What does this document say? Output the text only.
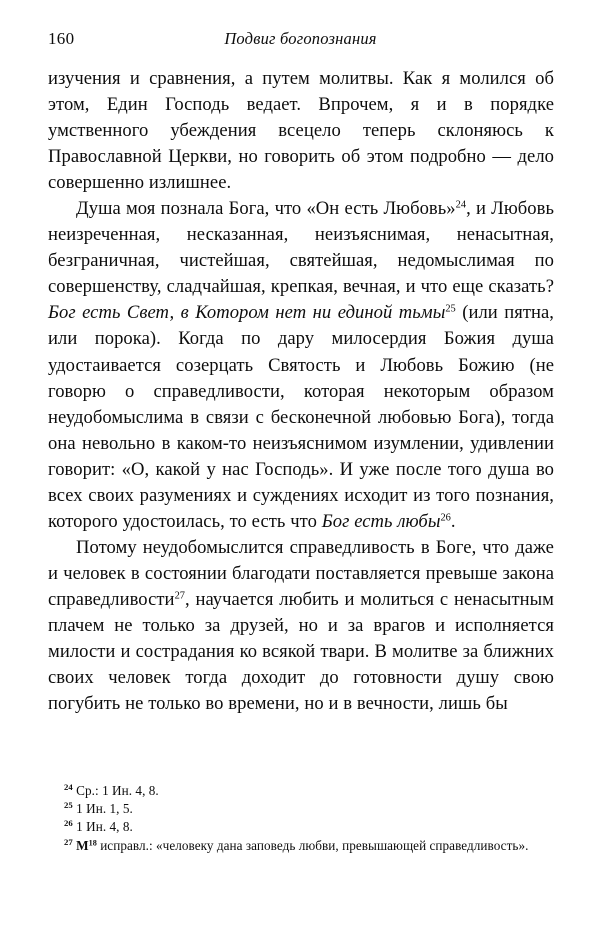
160	Подвиг богопознания

изучения и сравнения, а путем молитвы. Как я молился об этом, Един Господь ведает. Впрочем, я и в порядке умственного убеждения всецело теперь склоняюсь к Православной Церкви, но говорить об этом подробно — дело совершенно излишнее.

Душа моя познала Бога, что «Он есть Любовь»$^{24}$, и Любовь неизреченная, несказанная, неизъяснимая, ненасытная, безграничная, чистейшая, святейшая, недомыслимая по совершенству, сладчайшая, крепкая, вечная, и что еще сказать? Бог есть Свет, в Котором нет ни единой тьмы$^{25}$ (или пятна, или порока). Когда по дару милосердия Божия душа удостаивается созерцать Святость и Любовь Божию (не говорю о справедливости, которая некоторым образом неудобомыслима в связи с бесконечной любовью Бога), тогда она невольно в каком-то неизъяснимом изумлении, удивлении говорит: «О, какой у нас Господь». И уже после того душа во всех своих разумениях и суждениях исходит из того познания, которого удостоилась, то есть что Бог есть любы$^{26}$.

Потому неудобомыслится справедливость в Боге, что даже и человек в состоянии благодати поставляется превыше закона справедливости$^{27}$, научается любить и молиться с ненасытным плачем не только за друзей, но и за врагов и исполняется милости и сострадания ко всякой твари. В молитве за ближних своих человек тогда доходит до готовности душу свою погубить не только во времени, но и в вечности, лишь бы

$^{24}$ Ср.: 1 Ин. 4, 8.

$^{25}$ 1 Ин. 1, 5.

$^{26}$ 1 Ин. 4, 8.

$^{27}$ $М^{18}$ исправл.: «человеку дана заповедь любви, превышающей справедливость».
